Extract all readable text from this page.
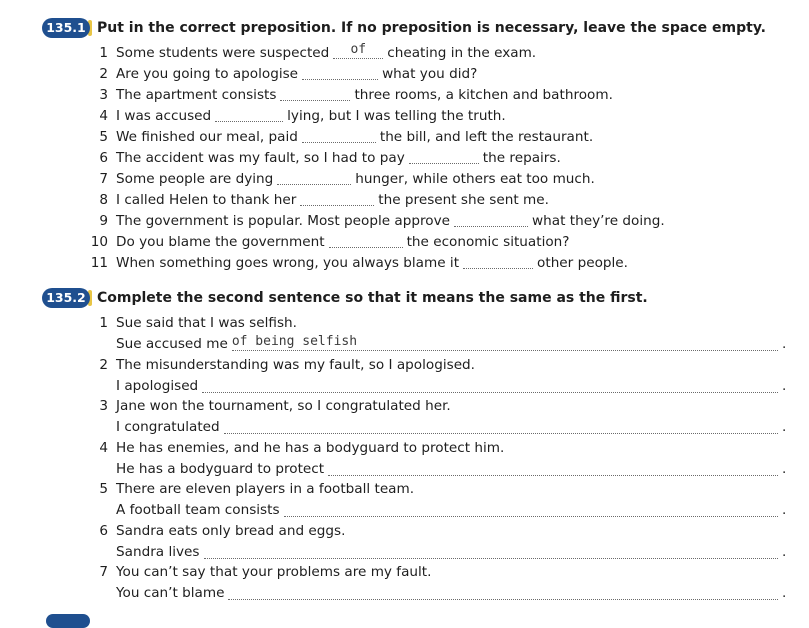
135.1 Put in the correct preposition. If no preposition is necessary, leave the space empty.
1 Some students were suspected	of	cheating in the exam.
2 Are you going to apologise	what you did?
3 The apartment consists	three rooms, a kitchen and bathroom.
4 I was accused	lying, but I was telling the truth.
5 We finished our meal, paid	the bill, and left the restaurant.
6 The accident was my fault, so I had to pay	the repairs.
7 Some people are dying	hunger, while others eat too much.
8 I called Helen to thank her	the present she sent me.
9 The government is popular. Most people approve	what they’re doing.
10 Do you blame the government	the economic situation?
11 When something goes wrong, you always blame it	other people.
135.2 Complete the second sentence so that it means the same as the first.
1 Sue said that I was selfish.
Sue accused me
2 The misunderstanding was my fault, so I apologised.
I apologised
3 Jane won the tournament, so I congratulated her.
I congratulated
4 He has enemies, and he has a bodyguard to protect him.
He has a bodyguard to protect
5 There are eleven players in a football team.
A football team consists
6 Sandra eats only bread and eggs.
Sandra lives
7 You can’t say that your problems are my fault.
You can’t blame
of being selfish	.
.
.
.
.
.
.
